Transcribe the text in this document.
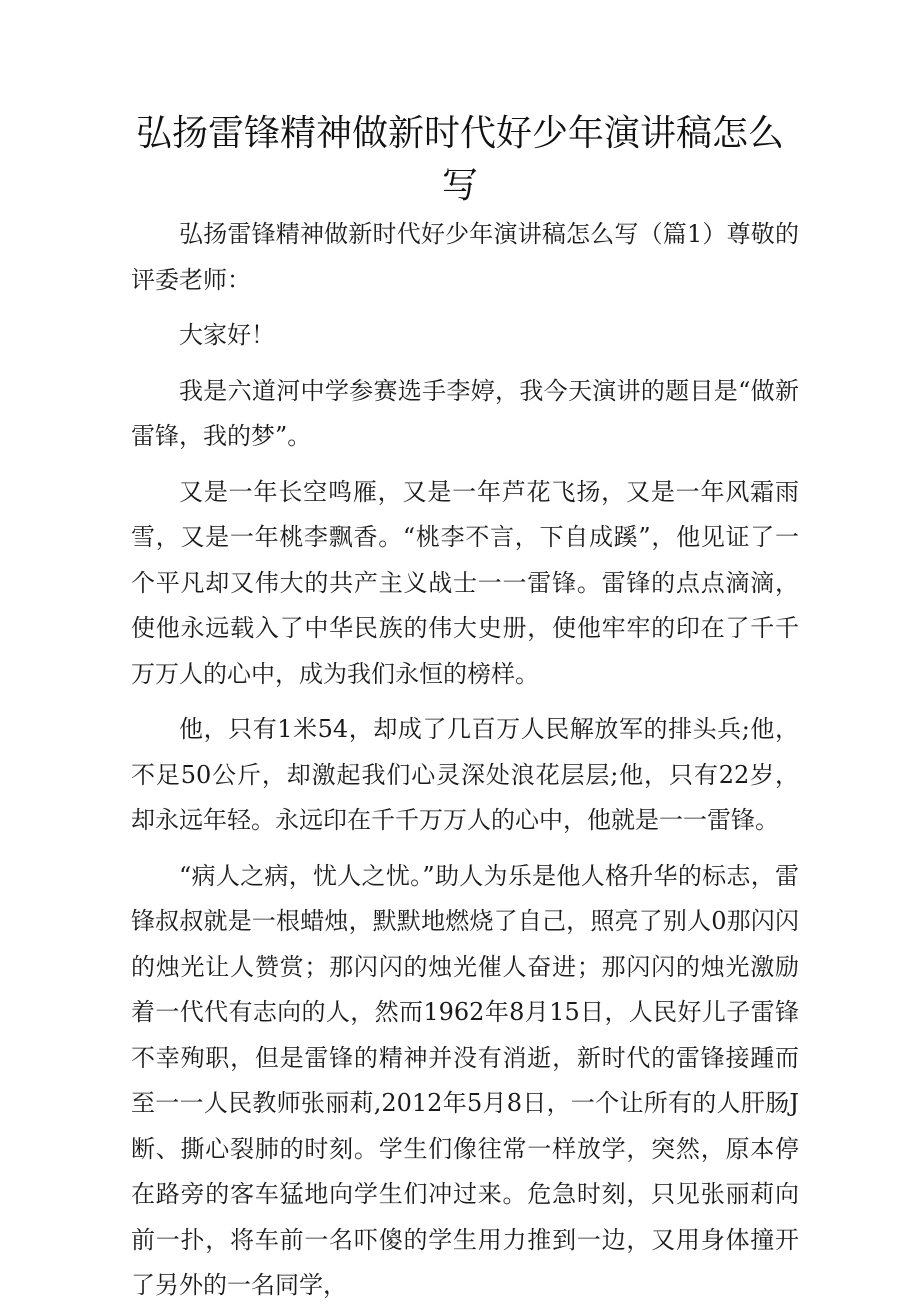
弘扬雷锋精神做新时代好少年演讲稿怎么写

弘扬雷锋精神做新时代好少年演讲稿怎么写（篇1）尊敬的评委老师：

大家好！

我是六道河中学参赛选手李婷，我今天演讲的题目是“做新雷锋，我的梦”。

又是一年长空鸣雁，又是一年芦花飞扬，又是一年风霜雨雪，又是一年桃李飘香。“桃李不言，下自成蹊”，他见证了一个平凡却又伟大的共产主义战士一一雷锋。雷锋的点点滴滴，使他永远载入了中华民族的伟大史册，使他牢牢的印在了千千万万人的心中，成为我们永恒的榜样。

他，只有1米54，却成了几百万人民解放军的排头兵;他，不足50公斤，却激起我们心灵深处浪花层层;他，只有22岁，却永远年轻。永远印在千千万万人的心中，他就是一一雷锋。

“病人之病，忧人之忧。”助人为乐是他人格升华的标志，雷锋叔叔就是一根蜡烛，默默地燃烧了自己，照亮了别人0那闪闪的烛光让人赞赏；那闪闪的烛光催人奋进；那闪闪的烛光激励着一代代有志向的人，然而1962年8月15日，人民好儿子雷锋不幸殉职，但是雷锋的精神并没有消逝，新时代的雷锋接踵而至一一人民教师张丽莉,2012年5月8日，一个让所有的人肝肠J断、撕心裂肺的时刻。学生们像往常一样放学，突然，原本停在路旁的客车猛地向学生们冲过来。危急时刻，只见张丽莉向前一扑，将车前一名吓傻的学生用力推到一边，又用身体撞开了另外的一名同学，
